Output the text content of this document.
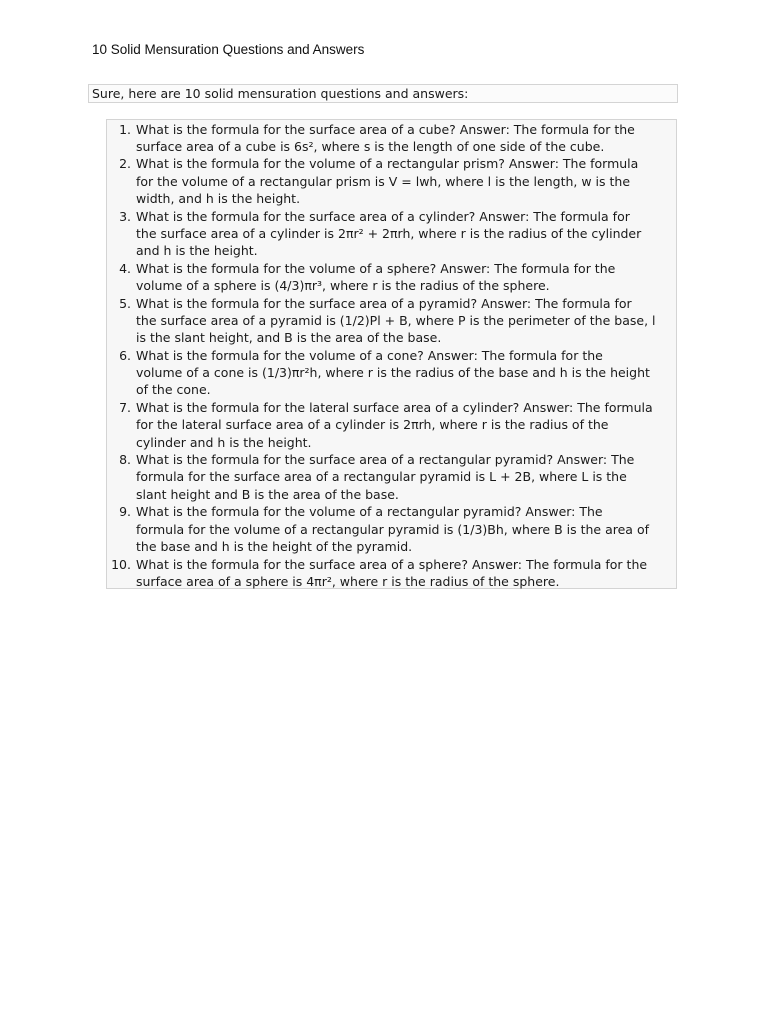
10 Solid Mensuration Questions and Answers
Sure, here are 10 solid mensuration questions and answers:
1. What is the formula for the surface area of a cube? Answer: The formula for the
surface area of a cube is 6s², where s is the length of one side of the cube.
2. What is the formula for the volume of a rectangular prism? Answer: The formula
for the volume of a rectangular prism is V = lwh, where l is the length, w is the
width, and h is the height.
3. What is the formula for the surface area of a cylinder? Answer: The formula for
the surface area of a cylinder is 2πr² + 2πrh, where r is the radius of the cylinder
and h is the height.
4. What is the formula for the volume of a sphere? Answer: The formula for the
volume of a sphere is (4/3)πr³, where r is the radius of the sphere.
5. What is the formula for the surface area of a pyramid? Answer: The formula for
the surface area of a pyramid is (1/2)Pl + B, where P is the perimeter of the base, l
is the slant height, and B is the area of the base.
6. What is the formula for the volume of a cone? Answer: The formula for the
volume of a cone is (1/3)πr²h, where r is the radius of the base and h is the height
of the cone.
7. What is the formula for the lateral surface area of a cylinder? Answer: The formula
for the lateral surface area of a cylinder is 2πrh, where r is the radius of the
cylinder and h is the height.
8. What is the formula for the surface area of a rectangular pyramid? Answer: The
formula for the surface area of a rectangular pyramid is L + 2B, where L is the
slant height and B is the area of the base.
9. What is the formula for the volume of a rectangular pyramid? Answer: The
formula for the volume of a rectangular pyramid is (1/3)Bh, where B is the area of
the base and h is the height of the pyramid.
10. What is the formula for the surface area of a sphere? Answer: The formula for the
surface area of a sphere is 4πr², where r is the radius of the sphere.
